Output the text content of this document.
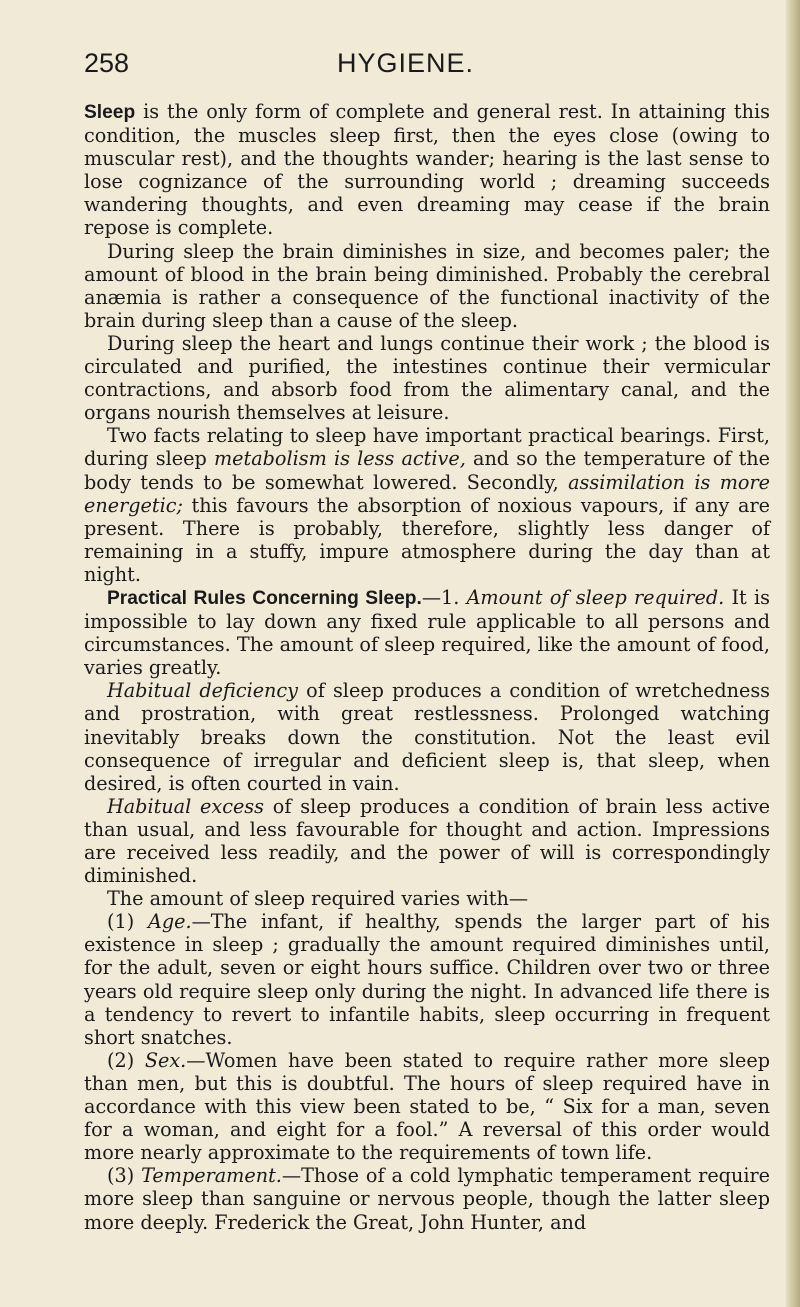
258	HYGIENE.

Sleep is the only form of complete and general rest. In attaining this condition, the muscles sleep first, then the eyes close (owing to muscular rest), and the thoughts wander; hearing is the last sense to lose cognizance of the surrounding world ; dreaming succeeds wandering thoughts, and even dreaming may cease if the brain repose is complete.

During sleep the brain diminishes in size, and becomes paler; the amount of blood in the brain being diminished. Probably the cerebral anæmia is rather a consequence of the functional inactivity of the brain during sleep than a cause of the sleep.

During sleep the heart and lungs continue their work ; the blood is circulated and purified, the intestines continue their vermicular contractions, and absorb food from the alimentary canal, and the organs nourish themselves at leisure.

Two facts relating to sleep have important practical bearings. First, during sleep metabolism is less active, and so the temperature of the body tends to be somewhat lowered. Secondly, assimilation is more energetic; this favours the absorption of noxious vapours, if any are present. There is probably, therefore, slightly less danger of remaining in a stuffy, impure atmosphere during the day than at night.

Practical Rules Concerning Sleep.—1. Amount of sleep required. It is impossible to lay down any fixed rule applicable to all persons and circumstances. The amount of sleep required, like the amount of food, varies greatly.

Habitual deficiency of sleep produces a condition of wretchedness and prostration, with great restlessness. Prolonged watching inevitably breaks down the constitution. Not the least evil consequence of irregular and deficient sleep is, that sleep, when desired, is often courted in vain.

Habitual excess of sleep produces a condition of brain less active than usual, and less favourable for thought and action. Impressions are received less readily, and the power of will is correspondingly diminished.

The amount of sleep required varies with—

(1) Age.—The infant, if healthy, spends the larger part of his existence in sleep ; gradually the amount required diminishes until, for the adult, seven or eight hours suffice. Children over two or three years old require sleep only during the night. In advanced life there is a tendency to revert to infantile habits, sleep occurring in frequent short snatches.

(2) Sex.—Women have been stated to require rather more sleep than men, but this is doubtful. The hours of sleep required have in accordance with this view been stated to be, “ Six for a man, seven for a woman, and eight for a fool.” A reversal of this order would more nearly approximate to the requirements of town life.

(3) Temperament.—Those of a cold lymphatic temperament require more sleep than sanguine or nervous people, though the latter sleep more deeply. Frederick the Great, John Hunter, and
